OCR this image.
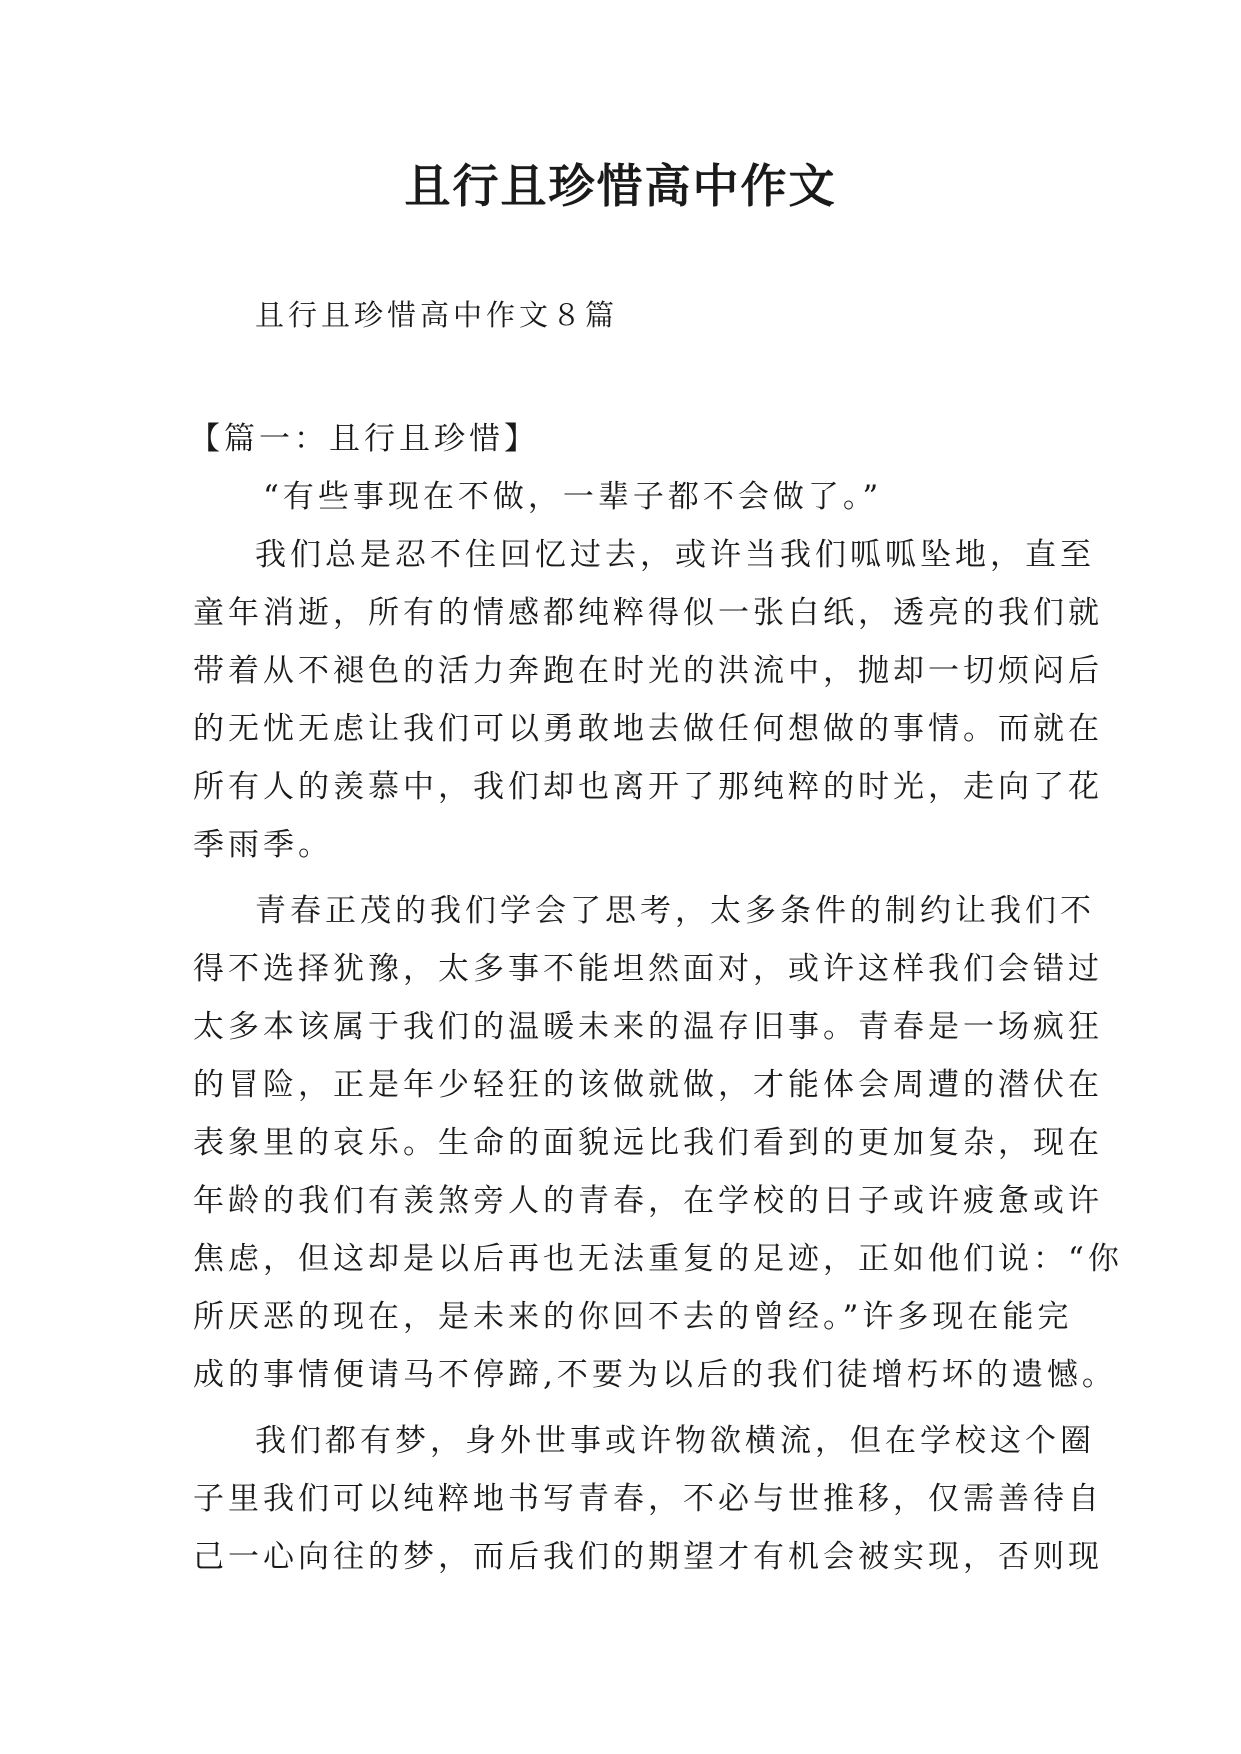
且行且珍惜高中作文

且行且珍惜高中作文８篇

【篇一：且行且珍惜】
“有些事现在不做，一辈子都不会做了。”
我们总是忍不住回忆过去，或许当我们呱呱坠地，直至
童年消逝，所有的情感都纯粹得似一张白纸，透亮的我们就
带着从不褪色的活力奔跑在时光的洪流中，抛却一切烦闷后
的无忧无虑让我们可以勇敢地去做任何想做的事情。而就在
所有人的羡慕中，我们却也离开了那纯粹的时光，走向了花
季雨季。
青春正茂的我们学会了思考，太多条件的制约让我们不
得不选择犹豫，太多事不能坦然面对，或许这样我们会错过
太多本该属于我们的温暖未来的温存旧事。青春是一场疯狂
的冒险，正是年少轻狂的该做就做，才能体会周遭的潜伏在
表象里的哀乐。生命的面貌远比我们看到的更加复杂，现在
年龄的我们有羡煞旁人的青春，在学校的日子或许疲惫或许
焦虑，但这却是以后再也无法重复的足迹，正如他们说：“你
所厌恶的现在，是未来的你回不去的曾经。”许多现在能完
成的事情便请马不停蹄,不要为以后的我们徒增朽坏的遗憾。
我们都有梦，身外世事或许物欲横流，但在学校这个圈
子里我们可以纯粹地书写青春，不必与世推移，仅需善待自
己一心向往的梦，而后我们的期望才有机会被实现，否则现
